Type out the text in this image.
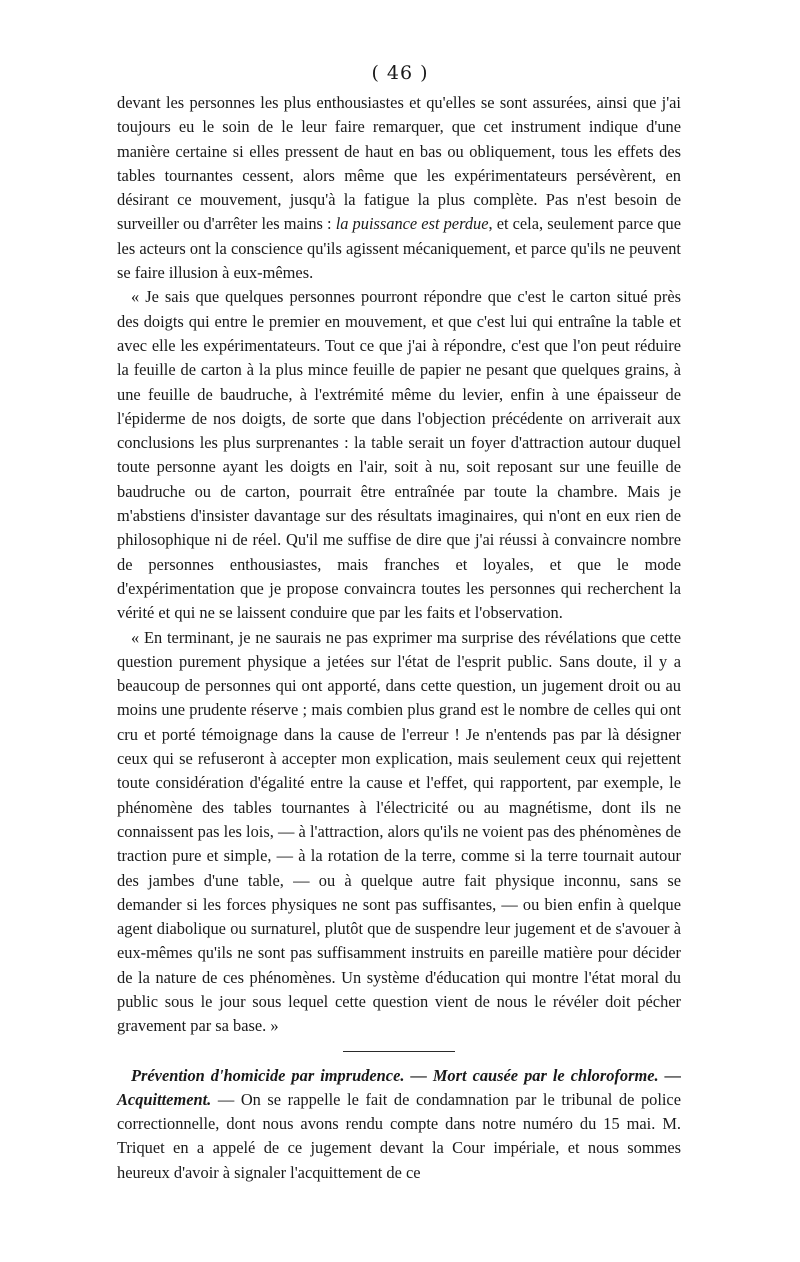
( 46 )

devant les personnes les plus enthousiastes et qu'elles se sont assurées, ainsi que j'ai toujours eu le soin de le leur faire remarquer, que cet instrument indique d'une manière certaine si elles pressent de haut en bas ou obliquement, tous les effets des tables tournantes cessent, alors même que les expérimentateurs persévèrent, en désirant ce mouvement, jusqu'à la fatigue la plus complète. Pas n'est besoin de surveiller ou d'arrêter les mains : la puissance est perdue, et cela, seulement parce que les acteurs ont la conscience qu'ils agissent mécaniquement, et parce qu'ils ne peuvent se faire illusion à eux-mêmes.

« Je sais que quelques personnes pourront répondre que c'est le carton situé près des doigts qui entre le premier en mouvement, et que c'est lui qui entraîne la table et avec elle les expérimentateurs. Tout ce que j'ai à répondre, c'est que l'on peut réduire la feuille de carton à la plus mince feuille de papier ne pesant que quelques grains, à une feuille de baudruche, à l'extrémité même du levier, enfin à une épaisseur de l'épiderme de nos doigts, de sorte que dans l'objection précédente on arriverait aux conclusions les plus surprenantes : la table serait un foyer d'attraction autour duquel toute personne ayant les doigts en l'air, soit à nu, soit reposant sur une feuille de baudruche ou de carton, pourrait être entraînée par toute la chambre. Mais je m'abstiens d'insister davantage sur des résultats imaginaires, qui n'ont en eux rien de philosophique ni de réel. Qu'il me suffise de dire que j'ai réussi à convaincre nombre de personnes enthousiastes, mais franches et loyales, et que le mode d'expérimentation que je propose convaincra toutes les personnes qui recherchent la vérité et qui ne se laissent conduire que par les faits et l'observation.

« En terminant, je ne saurais ne pas exprimer ma surprise des révélations que cette question purement physique a jetées sur l'état de l'esprit public. Sans doute, il y a beaucoup de personnes qui ont apporté, dans cette question, un jugement droit ou au moins une prudente réserve ; mais combien plus grand est le nombre de celles qui ont cru et porté témoignage dans la cause de l'erreur ! Je n'entends pas par là désigner ceux qui se refuseront à accepter mon explication, mais seulement ceux qui rejettent toute considération d'égalité entre la cause et l'effet, qui rapportent, par exemple, le phénomène des tables tournantes à l'électricité ou au magnétisme, dont ils ne connaissent pas les lois, — à l'attraction, alors qu'ils ne voient pas des phénomènes de traction pure et simple, — à la rotation de la terre, comme si la terre tournait autour des jambes d'une table, — ou à quelque autre fait physique inconnu, sans se demander si les forces physiques ne sont pas suffisantes, — ou bien enfin à quelque agent diabolique ou surnaturel, plutôt que de suspendre leur jugement et de s'avouer à eux-mêmes qu'ils ne sont pas suffisamment instruits en pareille matière pour décider de la nature de ces phénomènes. Un système d'éducation qui montre l'état moral du public sous le jour sous lequel cette question vient de nous le révéler doit pécher gravement par sa base. »

Prévention d'homicide par imprudence. — Mort causée par le chloroforme. — Acquittement. — On se rappelle le fait de condamnation par le tribunal de police correctionnelle, dont nous avons rendu compte dans notre numéro du 15 mai. M. Triquet en a appelé de ce jugement devant la Cour impériale, et nous sommes heureux d'avoir à signaler l'acquittement de ce
